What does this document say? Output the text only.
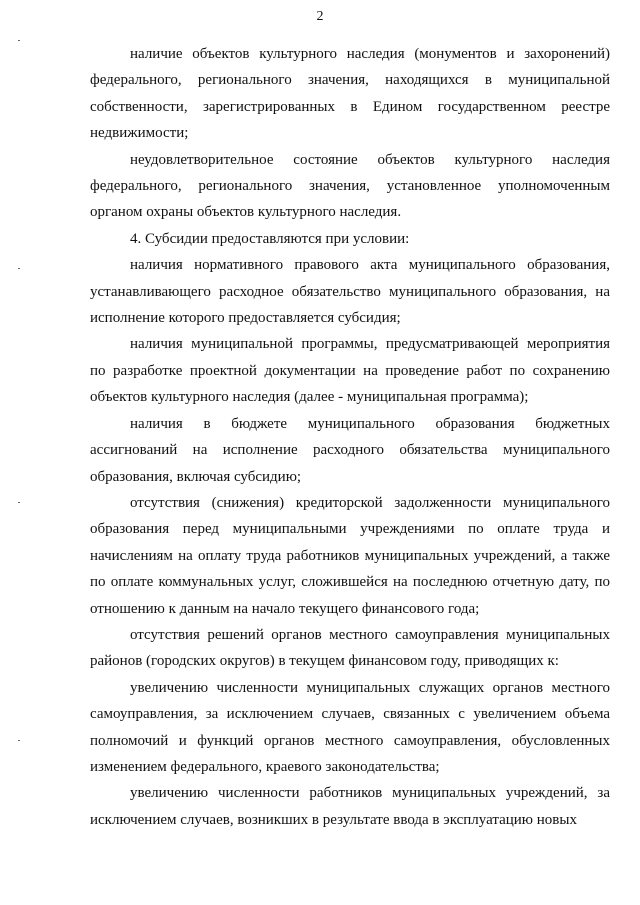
2

наличие объектов культурного наследия (монументов и захоронений) федерального, регионального значения, находящихся в муниципальной собственности, зарегистрированных в Едином государственном реестре недвижимости;

неудовлетворительное состояние объектов культурного наследия федерального, регионального значения, установленное уполномоченным органом охраны объектов культурного наследия.

4. Субсидии предоставляются при условии:

наличия нормативного правового акта муниципального образования, устанавливающего расходное обязательство муниципального образования, на исполнение которого предоставляется субсидия;

наличия муниципальной программы, предусматривающей мероприятия по разработке проектной документации на проведение работ по сохранению объектов культурного наследия (далее - муниципальная программа);

наличия в бюджете муниципального образования бюджетных ассигнований на исполнение расходного обязательства муниципального образования, включая субсидию;

отсутствия (снижения) кредиторской задолженности муниципального образования перед муниципальными учреждениями по оплате труда и начислениям на оплату труда работников муниципальных учреждений, а также по оплате коммунальных услуг, сложившейся на последнюю отчетную дату, по отношению к данным на начало текущего финансового года;

отсутствия решений органов местного самоуправления муниципальных районов (городских округов) в текущем финансовом году, приводящих к:

увеличению численности муниципальных служащих органов местного самоуправления, за исключением случаев, связанных с увеличением объема полномочий и функций органов местного самоуправления, обусловленных изменением федерального, краевого законодательства;

увеличению численности работников муниципальных учреждений, за исключением случаев, возникших в результате ввода в эксплуатацию новых
